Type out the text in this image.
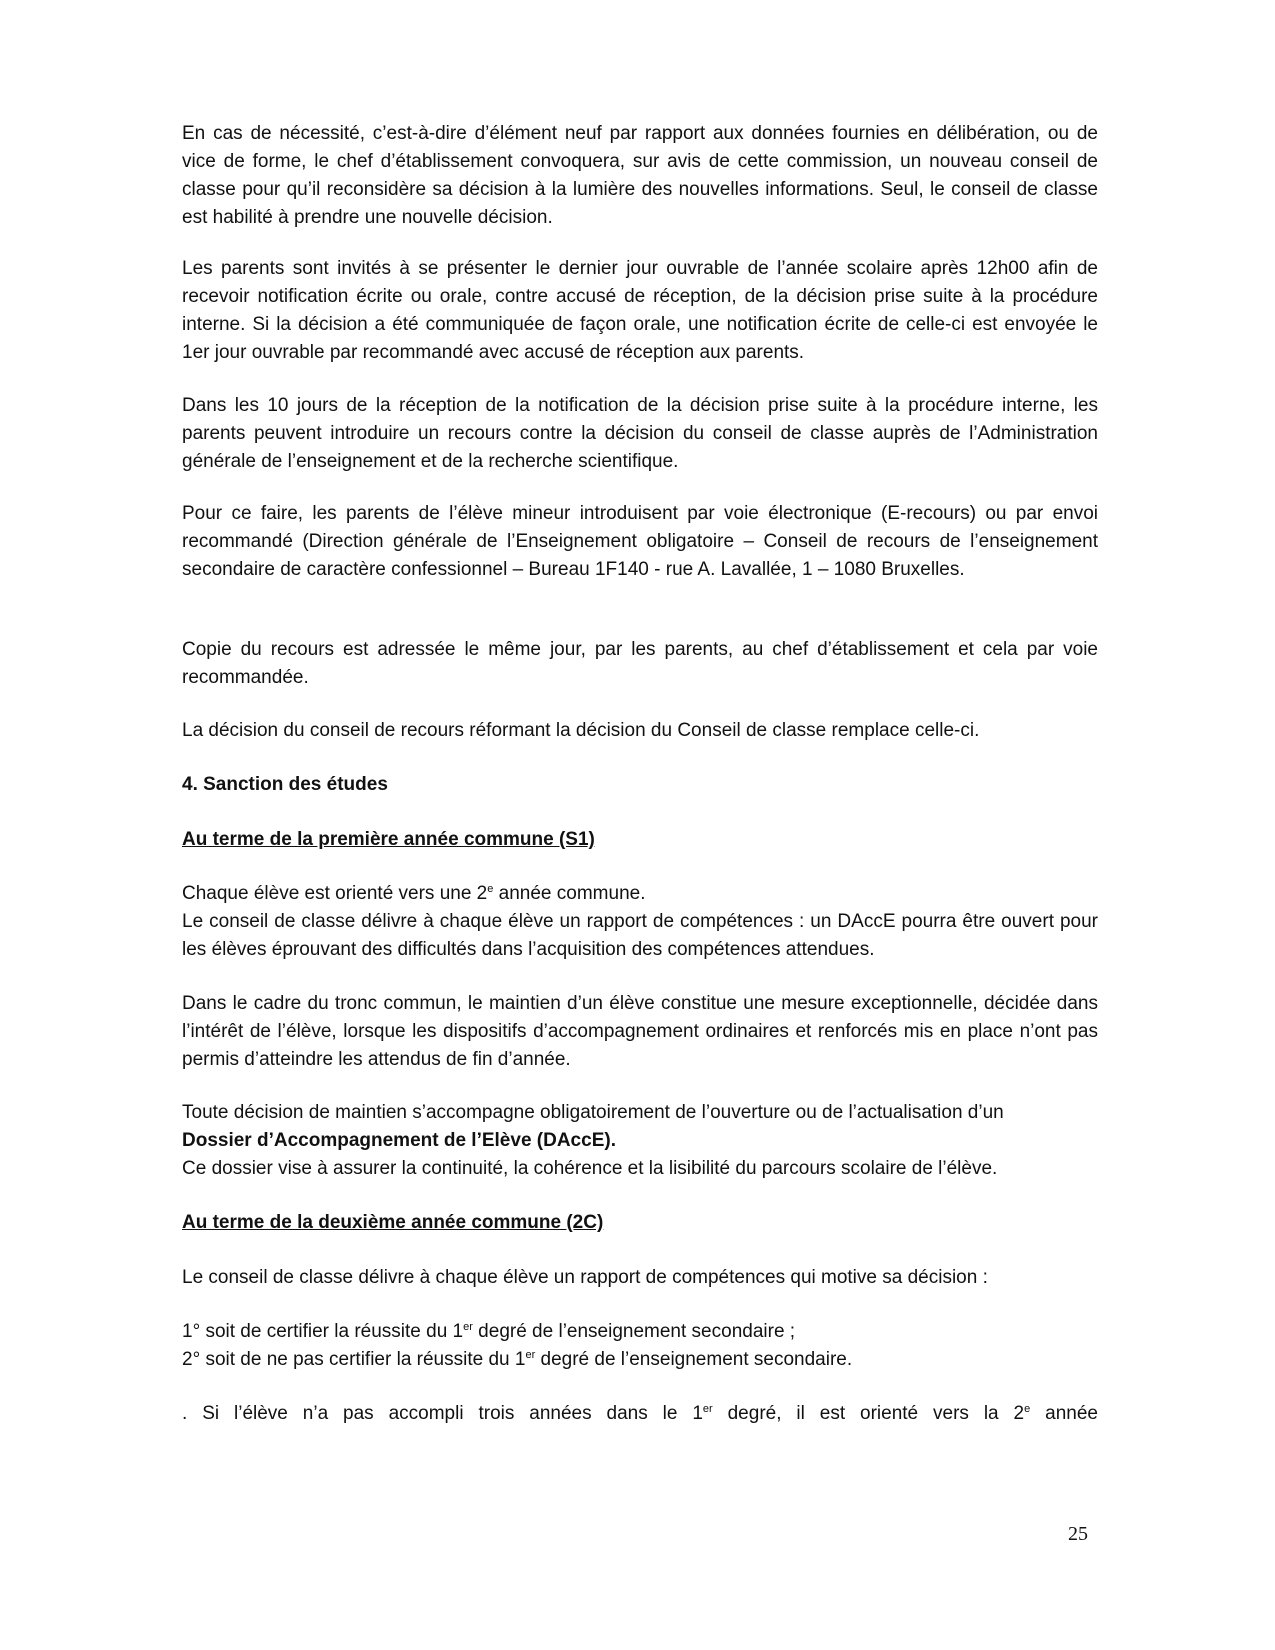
En cas de nécessité, c’est-à-dire d’élément neuf par rapport aux données fournies en délibération, ou de vice de forme, le chef d’établissement convoquera, sur avis de cette commission, un nouveau conseil de classe pour qu’il reconsidère sa décision à la lumière des nouvelles informations. Seul, le conseil de classe est habilité à prendre une nouvelle décision.

Les parents sont invités à se présenter le dernier jour ouvrable de l’année scolaire après 12h00 afin de recevoir notification écrite ou orale, contre accusé de réception, de la décision prise suite à la procédure interne. Si la décision a été communiquée de façon orale, une notification écrite de celle-ci est envoyée le 1er jour ouvrable par recommandé avec accusé de réception aux parents.

Dans les 10 jours de la réception de la notification de la décision prise suite à la procédure interne, les parents peuvent introduire un recours contre la décision du conseil de classe auprès de l’Administration générale de l’enseignement et de la recherche scientifique.

Pour ce faire, les parents de l’élève mineur introduisent par voie électronique (E-recours) ou par envoi recommandé (Direction générale de l’Enseignement obligatoire – Conseil de recours de l’enseignement secondaire de caractère confessionnel – Bureau 1F140 - rue A. Lavallée, 1 – 1080 Bruxelles.

Copie du recours est adressée le même jour, par les parents, au chef d’établissement et cela par voie recommandée.

La décision du conseil de recours réformant la décision du Conseil de classe remplace celle-ci.

4. Sanction des études

Au terme de la première année commune (S1)

Chaque élève est orienté vers une 2e année commune.

Le conseil de classe délivre à chaque élève un rapport de compétences : un DAccE pourra être ouvert pour les élèves éprouvant des difficultés dans l’acquisition des compétences attendues.

Dans le cadre du tronc commun, le maintien d’un élève constitue une mesure exceptionnelle, décidée dans l’intérêt de l’élève, lorsque les dispositifs d’accompagnement ordinaires et renforcés mis en place n’ont pas permis d’atteindre les attendus de fin d’année.

Toute décision de maintien s’accompagne obligatoirement de l’ouverture ou de l’actualisation d’un

Dossier d’Accompagnement de l’Elève (DAccE).

Ce dossier vise à assurer la continuité, la cohérence et la lisibilité du parcours scolaire de l’élève.

Au terme de la deuxième année commune (2C)

Le conseil de classe délivre à chaque élève un rapport de compétences qui motive sa décision :

1° soit de certifier la réussite du 1er degré de l’enseignement secondaire ;

2° soit de ne pas certifier la réussite du 1er degré de l’enseignement secondaire.

. Si l’élève n’a pas accompli trois années dans le 1er degré, il est orienté vers la 2e année

25
